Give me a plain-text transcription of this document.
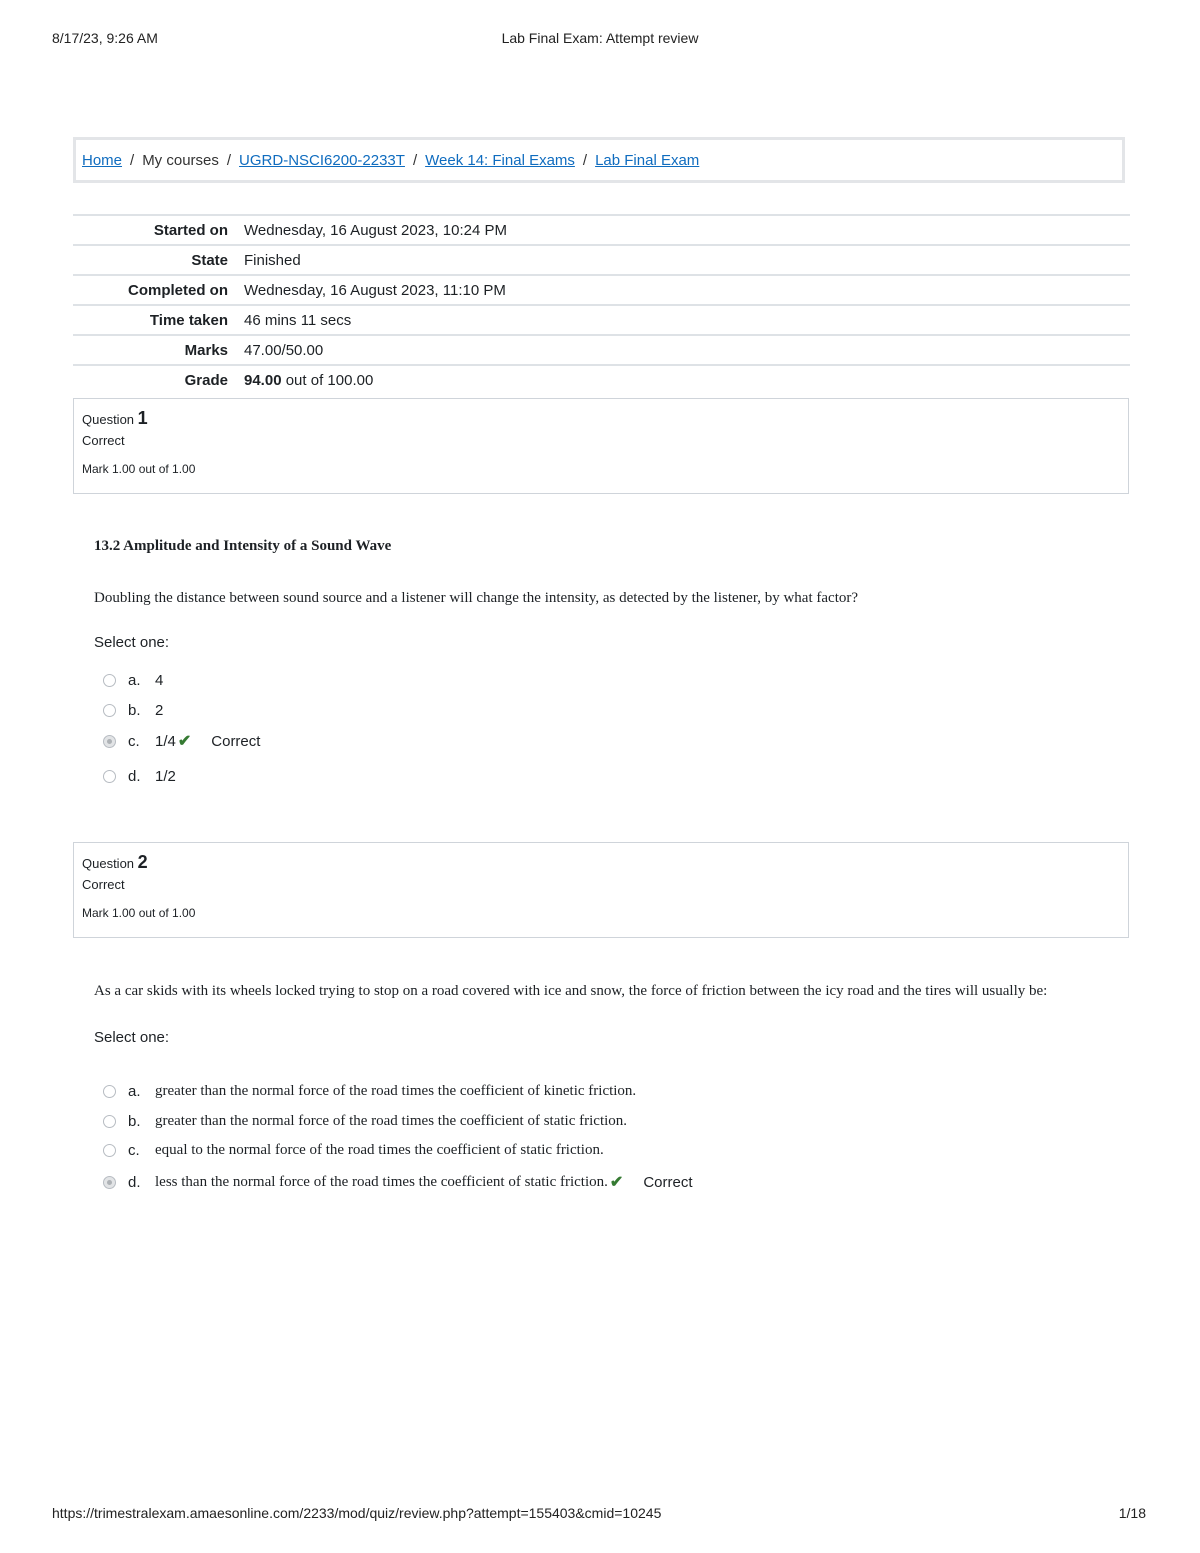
8/17/23, 9:26 AM	Lab Final Exam: Attempt review
Home / My courses / UGRD-NSCI6200-2233T / Week 14: Final Exams / Lab Final Exam
Started on	Wednesday, 16 August 2023, 10:24 PM
State	Finished
Completed on	Wednesday, 16 August 2023, 11:10 PM
Time taken	46 mins 11 secs
Marks	47.00/50.00
Grade	94.00 out of 100.00
Question 1
Correct
Mark 1.00 out of 1.00
13.2 Amplitude and Intensity of a Sound Wave
Doubling the distance between sound source and a listener will change the intensity, as detected by the listener, by what factor?
Select one:
a. 4
b. 2
c.	1/4 ✔ Correct
d. 1/2
Question 2
Correct
Mark 1.00 out of 1.00
As a car skids with its wheels locked trying to stop on a road covered with ice and snow, the force of friction between the icy road and the tires will usually be:
Select one:
a. greater than the normal force of the road times the coefficient of kinetic friction.
b. greater than the normal force of the road times the coefficient of static friction.
c.	equal to the normal force of the road times the coefficient of static friction.
d. less than the normal force of the road times the coefficient of static friction. ✔ Correct
https://trimestralexam.amaesonline.com/2233/mod/quiz/review.php?attempt=155403&cmid=10245	1/18
